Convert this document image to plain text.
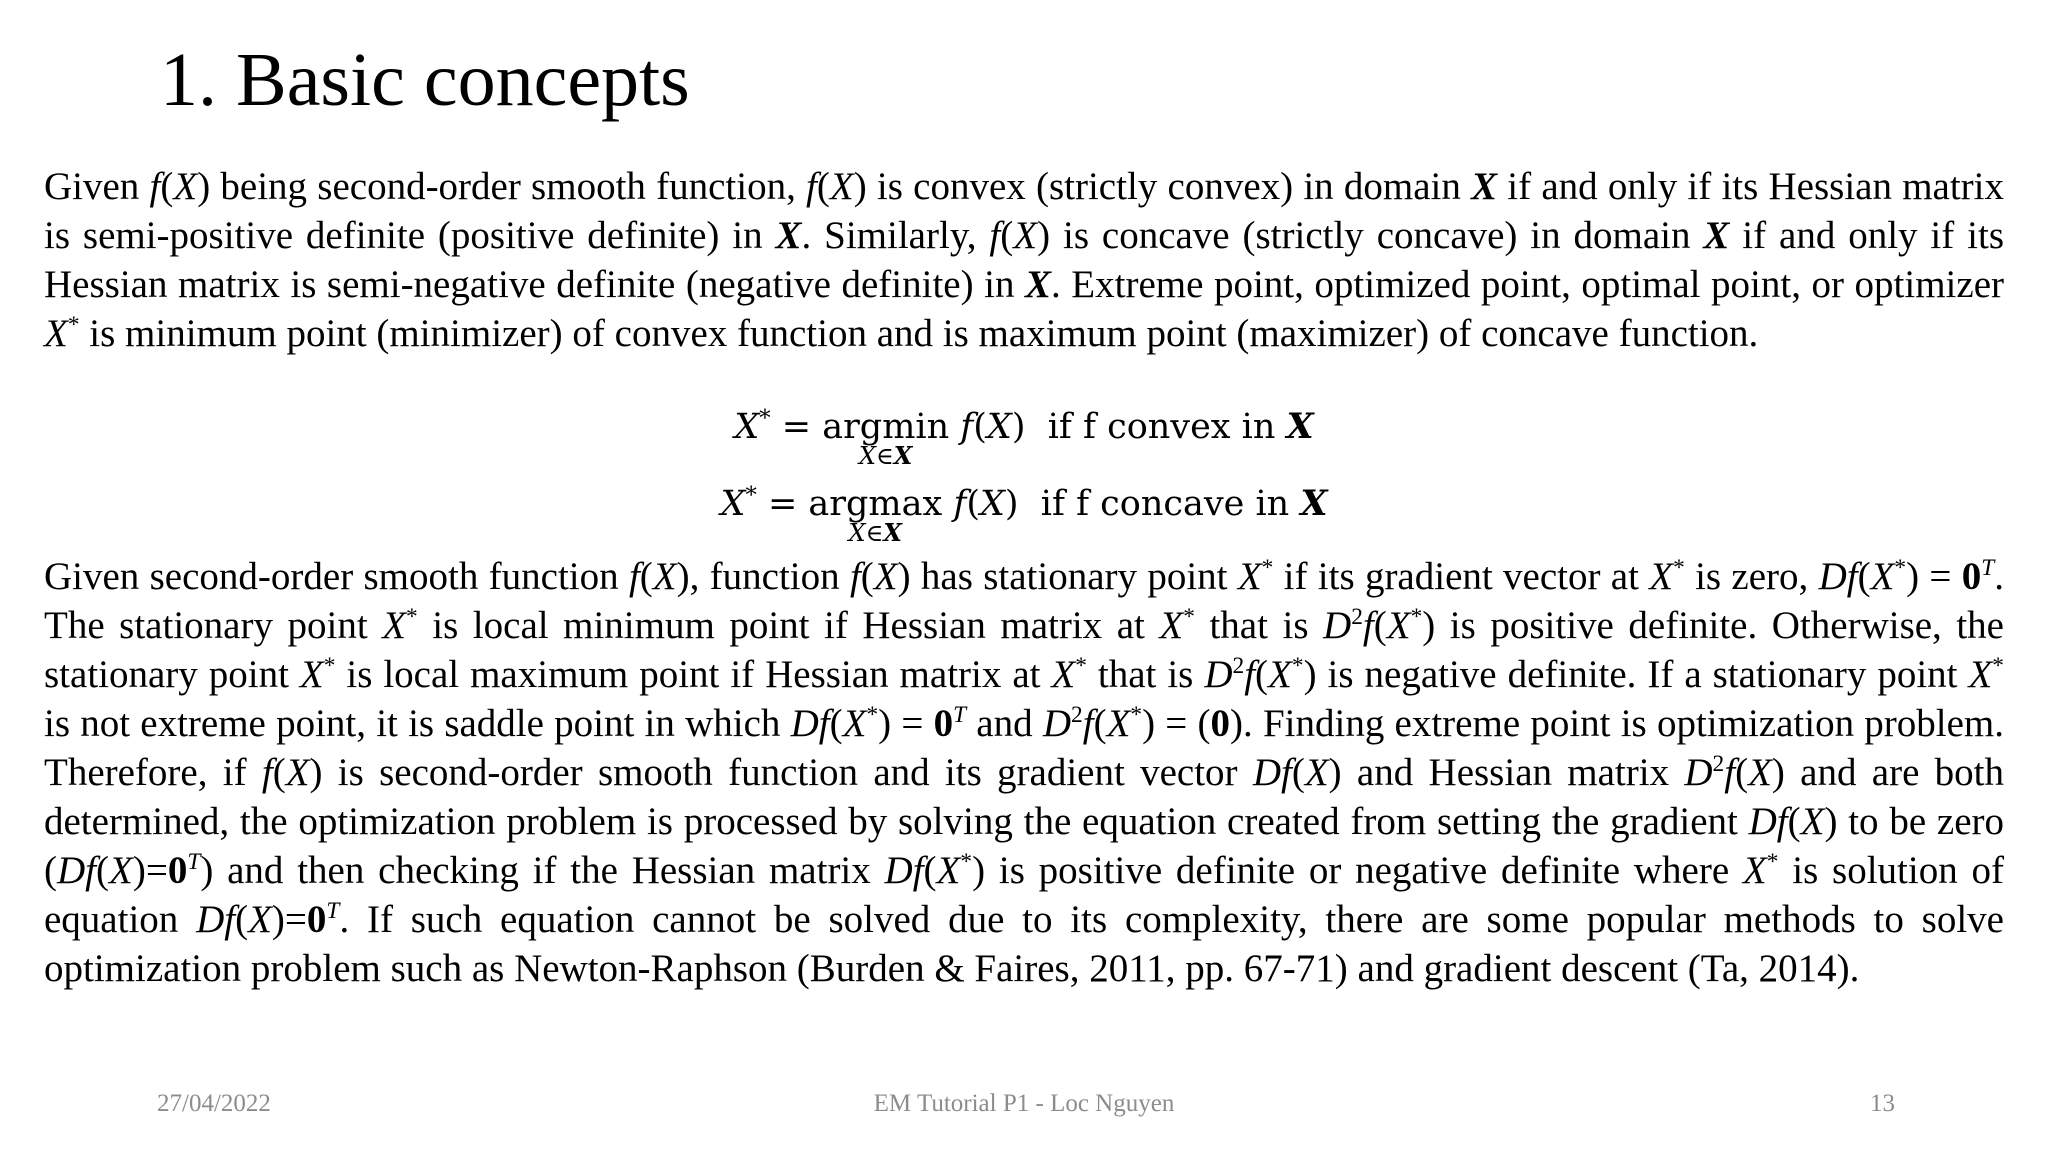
1. Basic concepts

Given f(X) being second-order smooth function, f(X) is convex (strictly convex) in domain X if and only if its Hessian matrix is semi-positive definite (positive definite) in X. Similarly, f(X) is concave (strictly concave) in domain X if and only if its Hessian matrix is semi-negative definite (negative definite) in X. Extreme point, optimized point, optimal point, or optimizer X* is minimum point (minimizer) of convex function and is maximum point (maximizer) of concave function.

X* = argmin
X∈X
f(X)  if f convex in X
X* = argmax
X∈X
f(X)  if f concave in X

Given second-order smooth function f(X), function f(X) has stationary point X* if its gradient vector at X* is zero, $Df(X^*) = 0^T$. The stationary point X* is local minimum point if Hessian matrix at X* that is $D^2f(X^*)$ is positive definite. Otherwise, the stationary point X* is local maximum point if Hessian matrix at X* that is $D^2f(X^*)$ is negative definite. If a stationary point X* is not extreme point, it is saddle point in which $Df(X^*) = 0^T$ and $D^2f(X^*) = (0)$. Finding extreme point is optimization problem. Therefore, if f(X) is second-order smooth function and its gradient vector Df(X) and Hessian matrix $D^2f(X)$ and are both determined, the optimization problem is processed by solving the equation created from setting the gradient Df(X) to be zero $(Df(X)=0^T)$ and then checking if the Hessian matrix Df(X*) is positive definite or negative definite where X* is solution of equation $Df(X)=0^T$. If such equation cannot be solved due to its complexity, there are some popular methods to solve optimization problem such as Newton-Raphson (Burden & Faires, 2011, pp. 67-71) and gradient descent (Ta, 2014).

27/04/2022	EM Tutorial P1 - Loc Nguyen	13
